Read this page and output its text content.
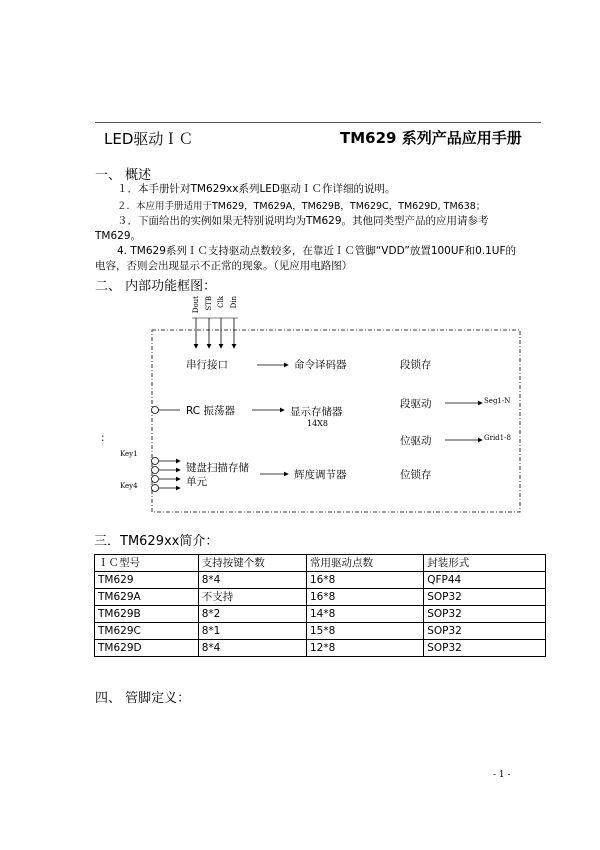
LED驱动ＩＣ	TM629 系列产品应用手册
一、 概述
１．本手册针对TM629xx系列LED驱动ＩＣ作详细的说明。
２．本应用手册适用于TM629，TM629A，TM629B，TM629C，TM629D, TM638；
３．下面给出的实例如果无特别说明均为TM629。其他同类型产品的应用请参考
TM629。
4. TM629系列ＩＣ支持驱动点数较多，在靠近ＩＣ管脚“VDD”放置100UF和0.1UF的
电容，否则会出现显示不正常的现象。（见应用电路图）
二、 内部功能框图：
Dout STB Clk Din
串行接口	命令译码器	段锁存
RC 振荡器	显示存储器
14X8
段驱动
位驱动
Seg1-N
Grid1-8
Key1
Key4
键盘扫描存储
单元
辉度调节器	位锁存
:
三．TM629xx简介：
ＩＣ型号	支持按键个数	常用驱动点数	封装形式
TM629	8*4	16*8	QFP44
TM629A	不支持	16*8	SOP32
TM629B	8*2	14*8	SOP32
TM629C	8*1	15*8	SOP32
TM629D	8*4	12*8	SOP32
四、 管脚定义：
- 1 -
